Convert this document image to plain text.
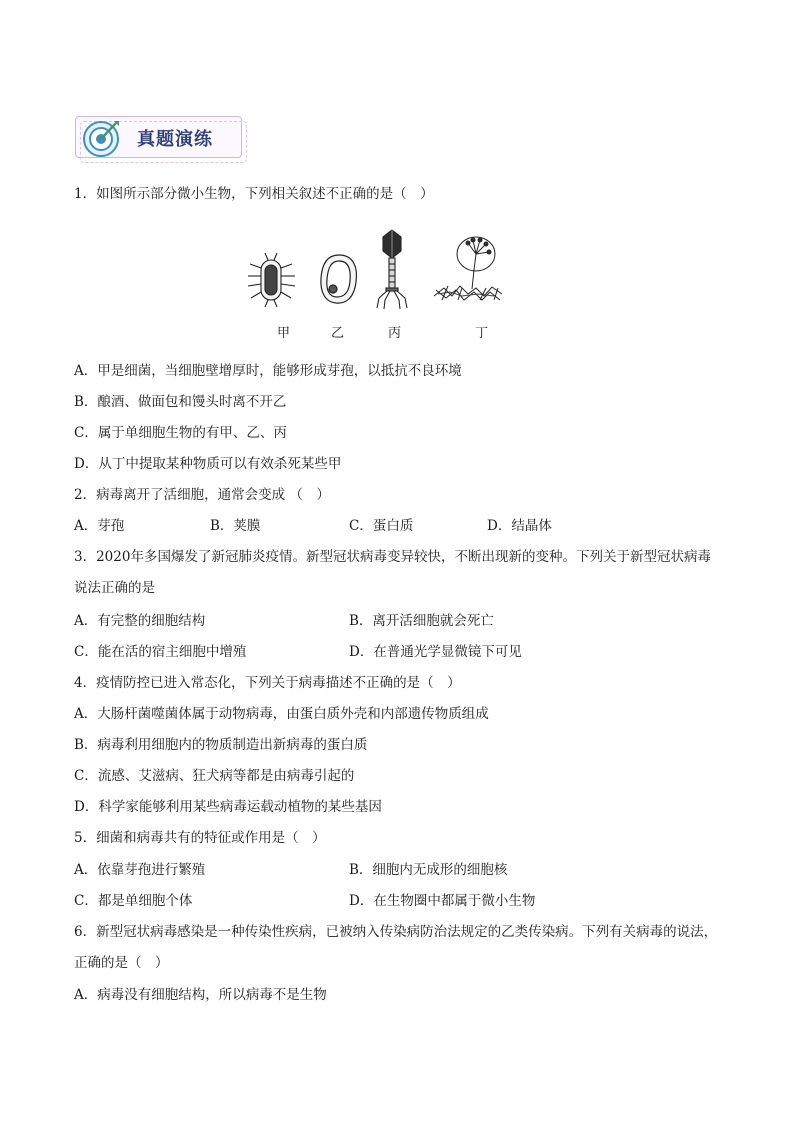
真题演练
1．如图所示部分微小生物，下列相关叙述不正确的是（　）
甲	乙	丙	丁
A．甲是细菌，当细胞壁增厚时，能够形成芽孢，以抵抗不良环境
B．酿酒、做面包和馒头时离不开乙
C．属于单细胞生物的有甲、乙、丙
D．从丁中提取某种物质可以有效杀死某些甲
2．病毒离开了活细胞，通常会变成 （　）
A．芽孢	B．荚膜	C．蛋白质	D．结晶体
3．2020年多国爆发了新冠肺炎疫情。新型冠状病毒变异较快，不断出现新的变种。下列关于新型冠状病毒说法正确的是
A．有完整的细胞结构	B．离开活细胞就会死亡
C．能在活的宿主细胞中增殖	D．在普通光学显微镜下可见
4．疫情防控已进入常态化，下列关于病毒描述不正确的是（　）
A．大肠杆菌噬菌体属于动物病毒，由蛋白质外壳和内部遗传物质组成
B．病毒利用细胞内的物质制造出新病毒的蛋白质
C．流感、艾滋病、狂犬病等都是由病毒引起的
D．科学家能够利用某些病毒运载动植物的某些基因
5．细菌和病毒共有的特征或作用是（　）
A．依靠芽孢进行繁殖	B．细胞内无成形的细胞核
C．都是单细胞个体	D．在生物圈中都属于微小生物
6．新型冠状病毒感染是一种传染性疾病，已被纳入传染病防治法规定的乙类传染病。下列有关病毒的说法，正确的是（　）
A．病毒没有细胞结构，所以病毒不是生物
